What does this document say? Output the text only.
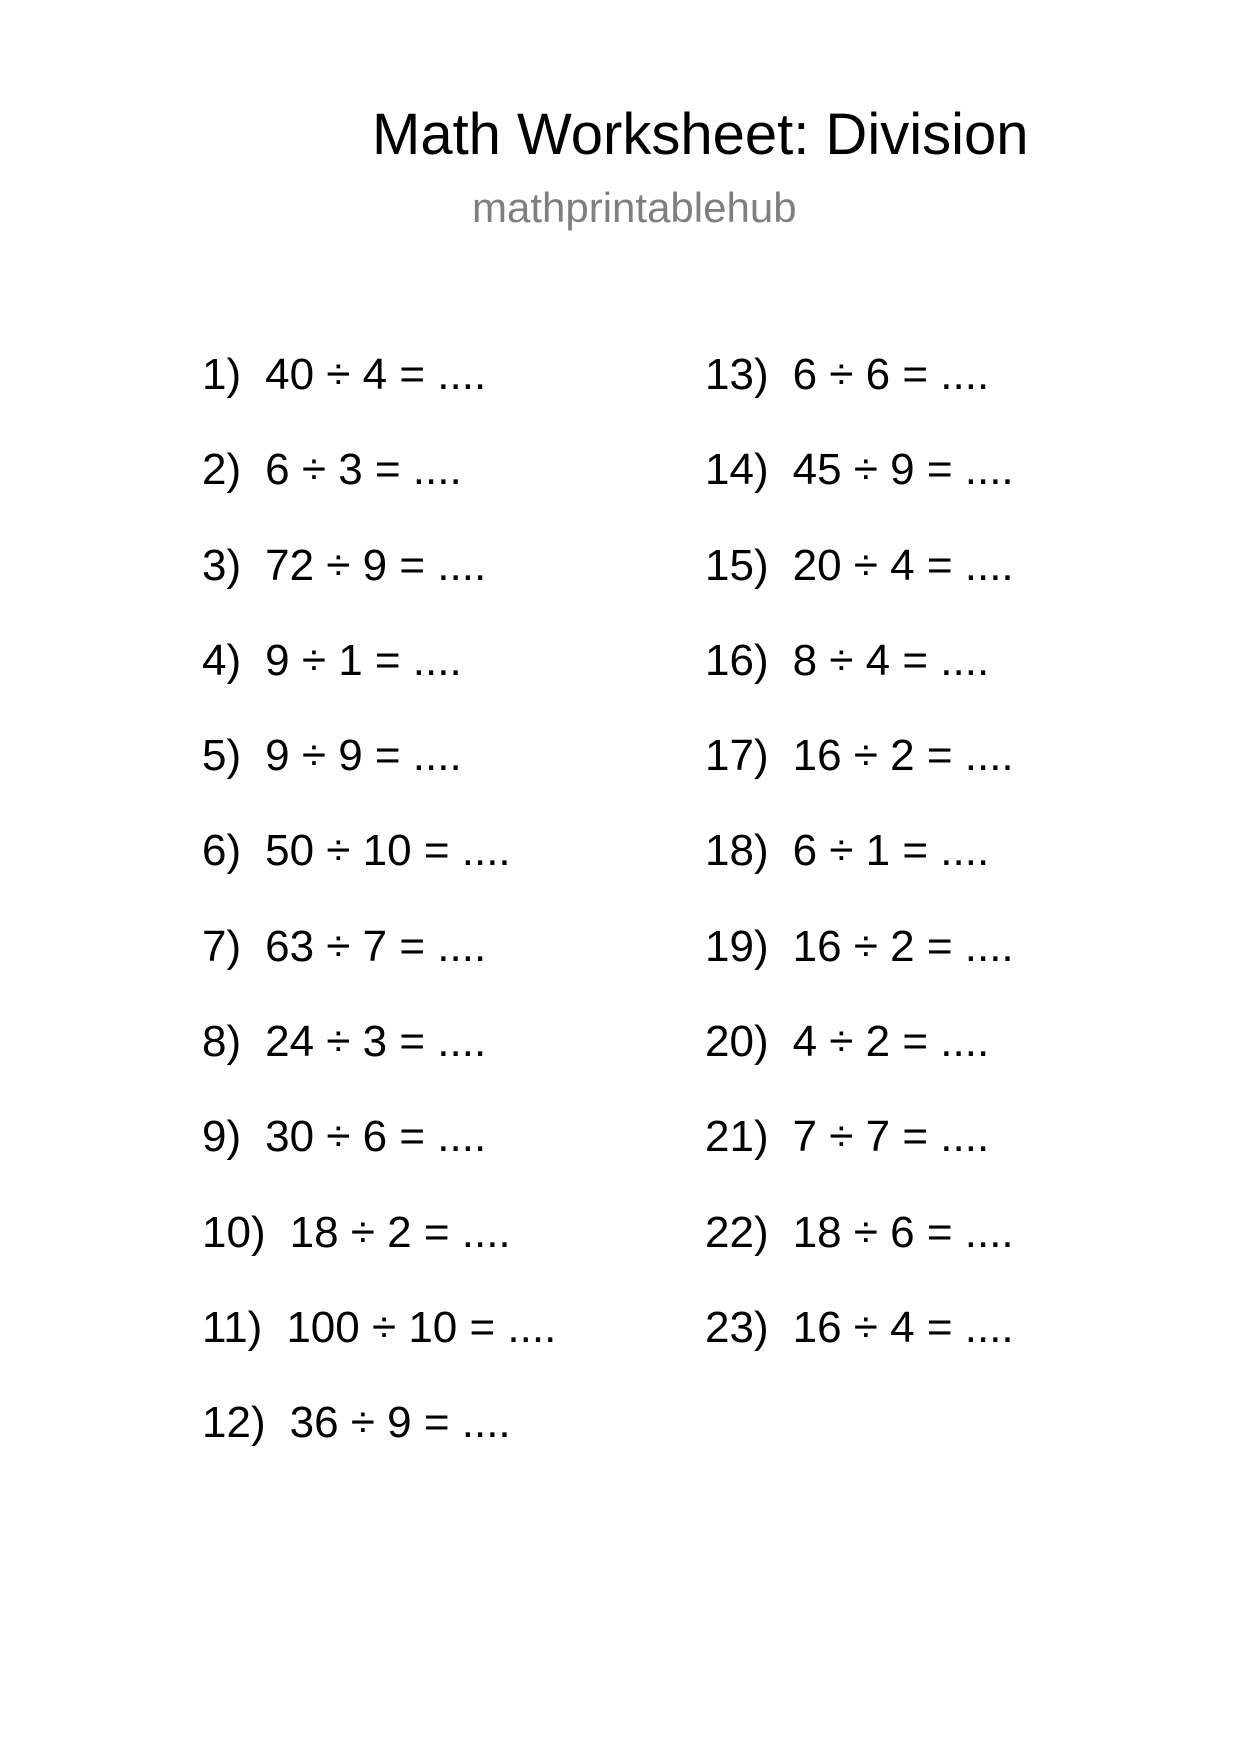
Math Worksheet: Division
mathprintablehub
1) 40 ÷ 4 = ....
2) 6 ÷ 3 = ....
3) 72 ÷ 9 = ....
4) 9 ÷ 1 = ....
5) 9 ÷ 9 = ....
6) 50 ÷ 10 = ....
7) 63 ÷ 7 = ....
8) 24 ÷ 3 = ....
9) 30 ÷ 6 = ....
10) 18 ÷ 2 = ....
11) 100 ÷ 10 = ....
12) 36 ÷ 9 = ....
13) 6 ÷ 6 = ....
14) 45 ÷ 9 = ....
15) 20 ÷ 4 = ....
16) 8 ÷ 4 = ....
17) 16 ÷ 2 = ....
18) 6 ÷ 1 = ....
19) 16 ÷ 2 = ....
20) 4 ÷ 2 = ....
21) 7 ÷ 7 = ....
22) 18 ÷ 6 = ....
23) 16 ÷ 4 = ....
